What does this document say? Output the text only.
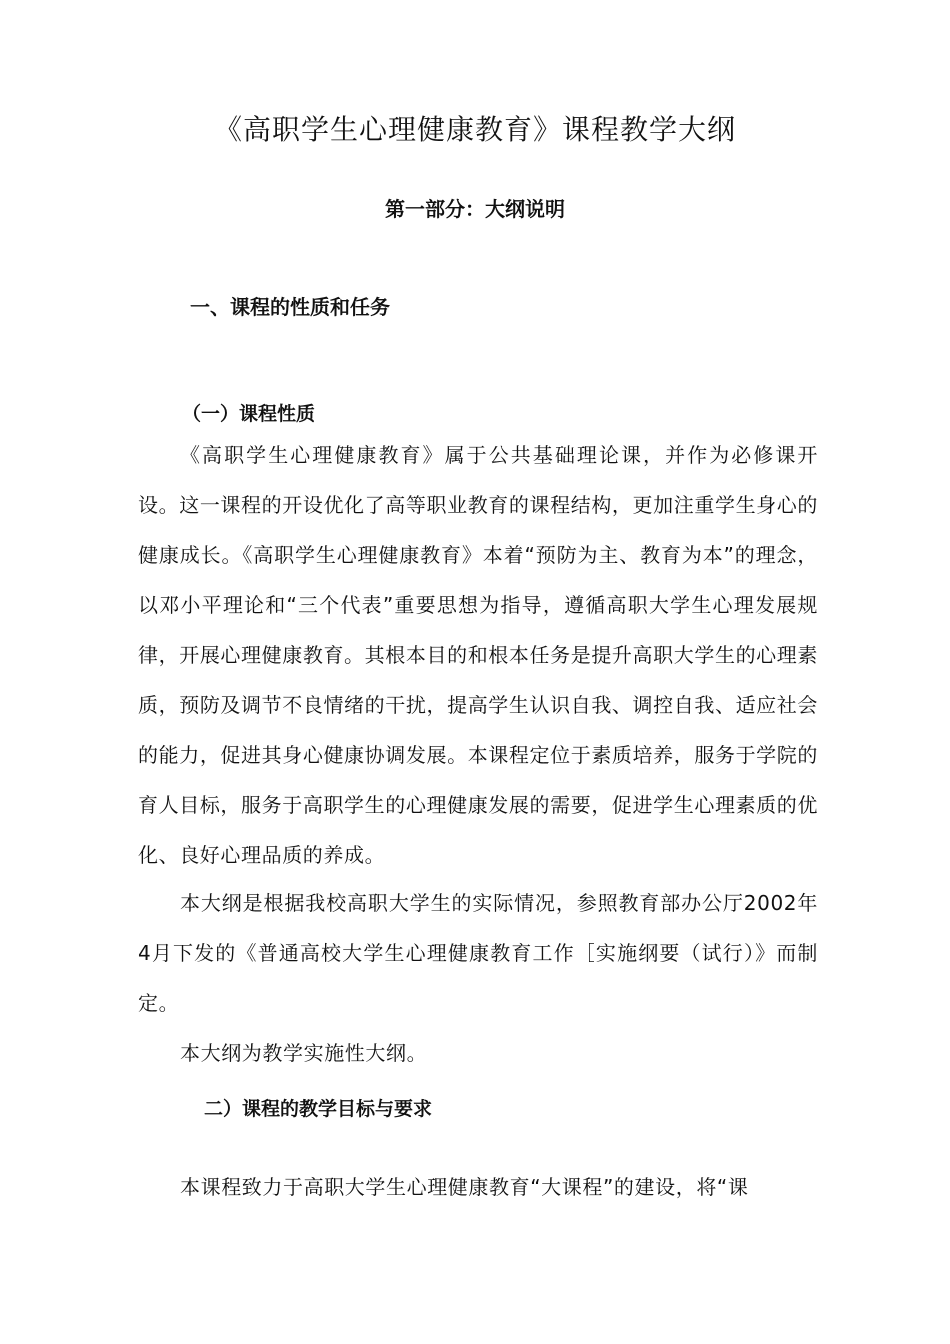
《高职学生心理健康教育》课程教学大纲
第一部分：大纲说明
一、课程的性质和任务
（一）课程性质

《高职学生心理健康教育》属于公共基础理论课，并作为必修课开设。这一课程的开设优化了高等职业教育的课程结构，更加注重学生身心的健康成长。《高职学生心理健康教育》本着“预防为主、教育为本”的理念，以邓小平理论和“三个代表”重要思想为指导，遵循高职大学生心理发展规律，开展心理健康教育。其根本目的和根本任务是提升高职大学生的心理素质，预防及调节不良情绪的干扰，提高学生认识自我、调控自我、适应社会的能力，促进其身心健康协调发展。本课程定位于素质培养，服务于学院的育人目标，服务于高职学生的心理健康发展的需要，促进学生心理素质的优化、良好心理品质的养成。

本大纲是根据我校高职大学生的实际情况，参照教育部办公厅2002年4月下发的《普通高校大学生心理健康教育工作［实施纲要（试行）》而制定。

本大纲为教学实施性大纲。

二）课程的教学目标与要求

本课程致力于高职大学生心理健康教育“大课程”的建设，将“课
